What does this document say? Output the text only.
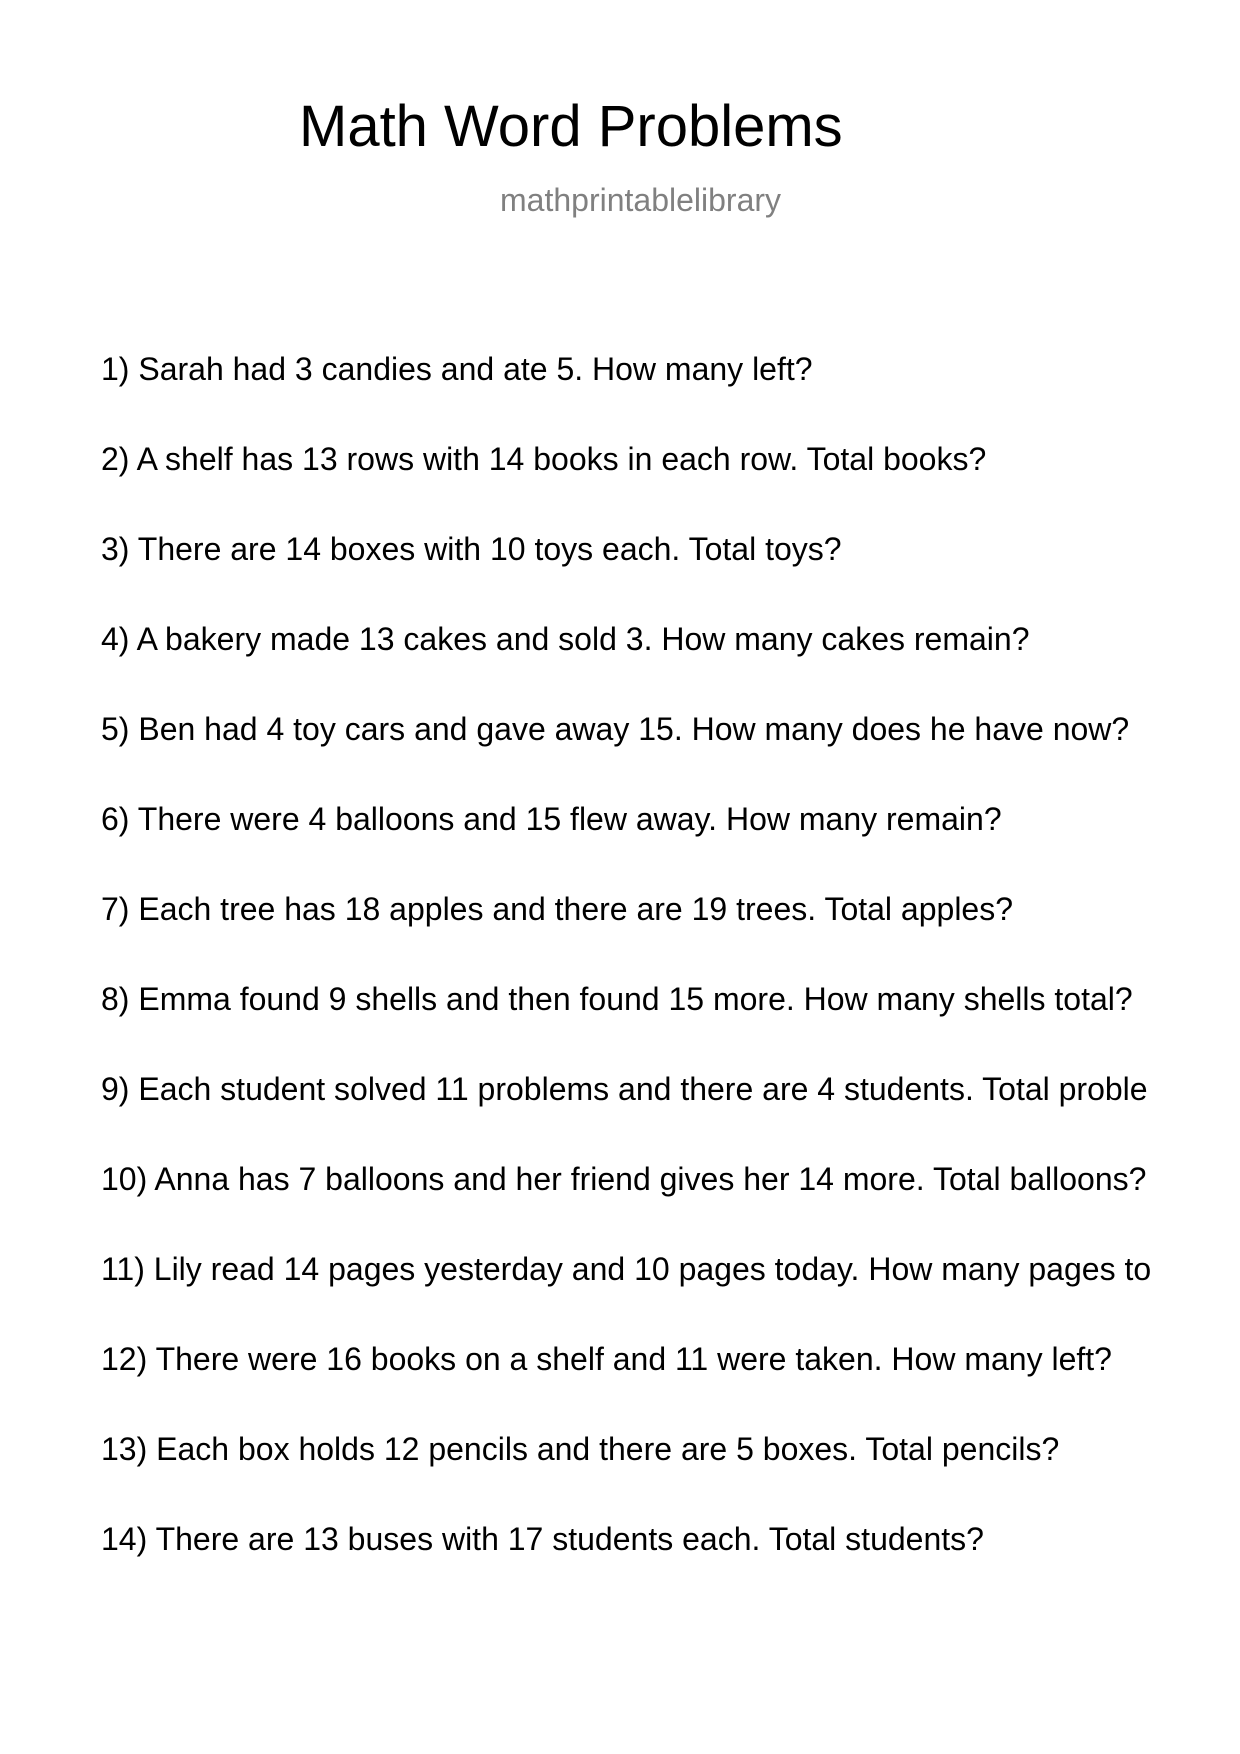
Math Word Problems
mathprintablelibrary
1) Sarah had 3 candies and ate 5. How many left?
2) A shelf has 13 rows with 14 books in each row. Total books?
3) There are 14 boxes with 10 toys each. Total toys?
4) A bakery made 13 cakes and sold 3. How many cakes remain?
5) Ben had 4 toy cars and gave away 15. How many does he have now?
6) There were 4 balloons and 15 flew away. How many remain?
7) Each tree has 18 apples and there are 19 trees. Total apples?
8) Emma found 9 shells and then found 15 more. How many shells total?
9) Each student solved 11 problems and there are 4 students. Total proble
10) Anna has 7 balloons and her friend gives her 14 more. Total balloons?
11) Lily read 14 pages yesterday and 10 pages today. How many pages to
12) There were 16 books on a shelf and 11 were taken. How many left?
13) Each box holds 12 pencils and there are 5 boxes. Total pencils?
14) There are 13 buses with 17 students each. Total students?
